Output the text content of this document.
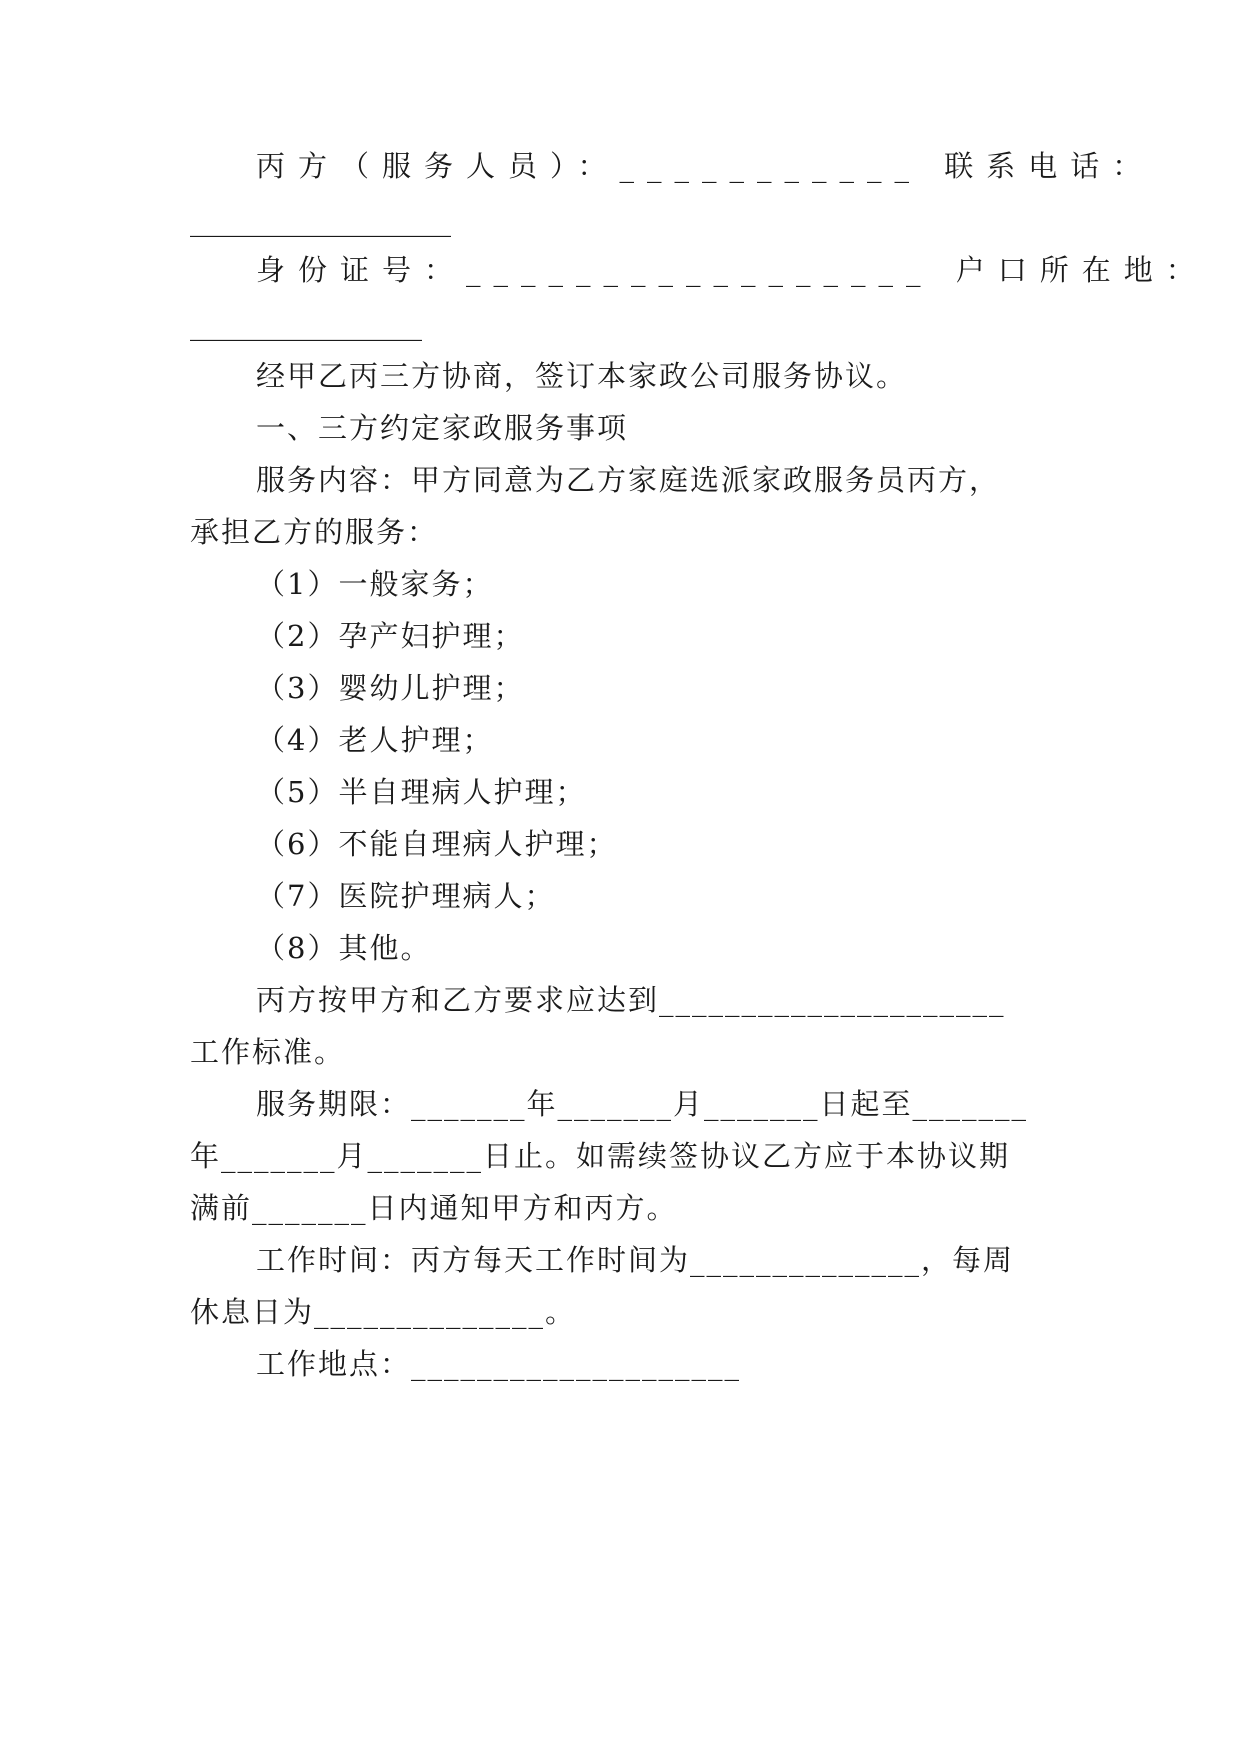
丙方（服务人员）：___________ 联系电话：
__________________
身份证号：_________________ 户口所在地：
________________
经甲乙丙三方协商，签订本家政公司服务协议。
一、三方约定家政服务事项
服务内容：甲方同意为乙方家庭选派家政服务员丙方，
承担乙方的服务：
（1）一般家务；
（2）孕产妇护理；
（3）婴幼儿护理；
（4）老人护理；
（5）半自理病人护理；
（6）不能自理病人护理；
（7）医院护理病人；
（8）其他。
丙方按甲方和乙方要求应达到_____________________
工作标准。
服务期限：_______年_______月_______日起至_______
年_______月_______日止。如需续签协议乙方应于本协议期
满前_______日内通知甲方和丙方。
工作时间：丙方每天工作时间为______________，每周
休息日为______________。
工作地点：____________________
